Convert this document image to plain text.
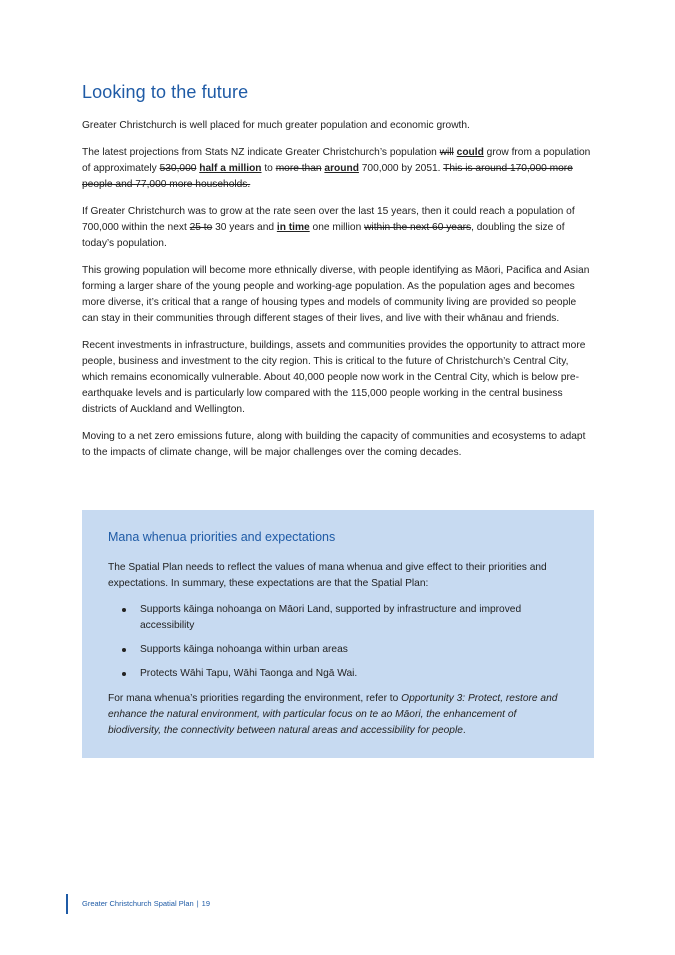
Looking to the future

Greater Christchurch is well placed for much greater population and economic growth.

The latest projections from Stats NZ indicate Greater Christchurch’s population will could grow from a population of approximately 530,000 half a million to more than around 700,000 by 2051. This is around 170,000 more people and 77,000 more households.

If Greater Christchurch was to grow at the rate seen over the last 15 years, then it could reach a population of 700,000 within the next 25 to 30 years and in time one million within the next 60 years, doubling the size of today’s population.

This growing population will become more ethnically diverse, with people identifying as Māori, Pacifica and Asian forming a larger share of the young people and working-age population. As the population ages and becomes more diverse, it’s critical that a range of housing types and models of community living are provided so people can stay in their communities through different stages of their lives, and live with their whānau and friends.

Recent investments in infrastructure, buildings, assets and communities provides the opportunity to attract more people, business and investment to the city region. This is critical to the future of Christchurch’s Central City, which remains economically vulnerable. About 40,000 people now work in the Central City, which is below pre-earthquake levels and is particularly low compared with the 115,000 people working in the central business districts of Auckland and Wellington.

Moving to a net zero emissions future, along with building the capacity of communities and ecosystems to adapt to the impacts of climate change, will be major challenges over the coming decades.

Mana whenua priorities and expectations

The Spatial Plan needs to reflect the values of mana whenua and give effect to their priorities and expectations. In summary, these expectations are that the Spatial Plan:

Supports kāinga nohoanga on Māori Land, supported by infrastructure and improved accessibility
Supports kāinga nohoanga within urban areas
Protects Wāhi Tapu, Wāhi Taonga and Ngā Wai.

For mana whenua’s priorities regarding the environment, refer to Opportunity 3: Protect, restore and enhance the natural environment, with particular focus on te ao Māori, the enhancement of biodiversity, the connectivity between natural areas and accessibility for people.

Greater Christchurch Spatial Plan | 19
